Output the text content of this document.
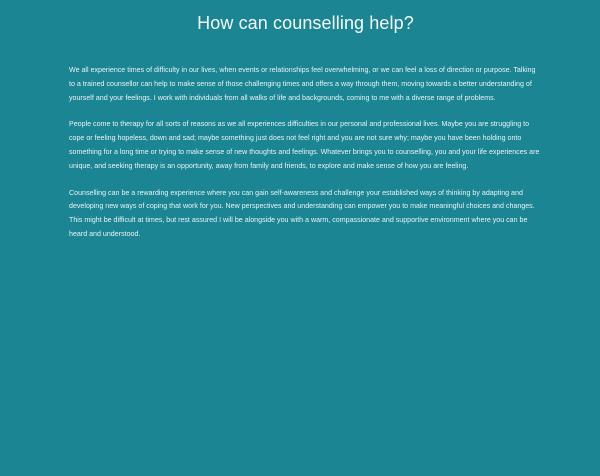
How can counselling help?

We all experience times of difficulty in our lives, when events or relationships feel overwhelming, or we can feel a loss of direction or purpose. Talking to a trained counsellor can help to make sense of those challenging times and offers a way through them, moving towards a better understanding of yourself and your feelings. I work with individuals from all walks of life and backgrounds, coming to me with a diverse range of problems.

People come to therapy for all sorts of reasons as we all experiences difficulties in our personal and professional lives. Maybe you are struggling to cope or feeling hopeless, down and sad; maybe something just does not feel right and you are not sure why; maybe you have been holding onto something for a long time or trying to make sense of new thoughts and feelings. Whatever brings you to counselling, you and your life experiences are unique, and seeking therapy is an opportunity, away from family and friends, to explore and make sense of how you are feeling.

Counselling can be a rewarding experience where you can gain self-awareness and challenge your established ways of thinking by adapting and developing new ways of coping that work for you. New perspectives and understanding can empower you to make meaningful choices and changes. This might be difficult at times, but rest assured I will be alongside you with a warm, compassionate and supportive environment where you can be heard and understood.
